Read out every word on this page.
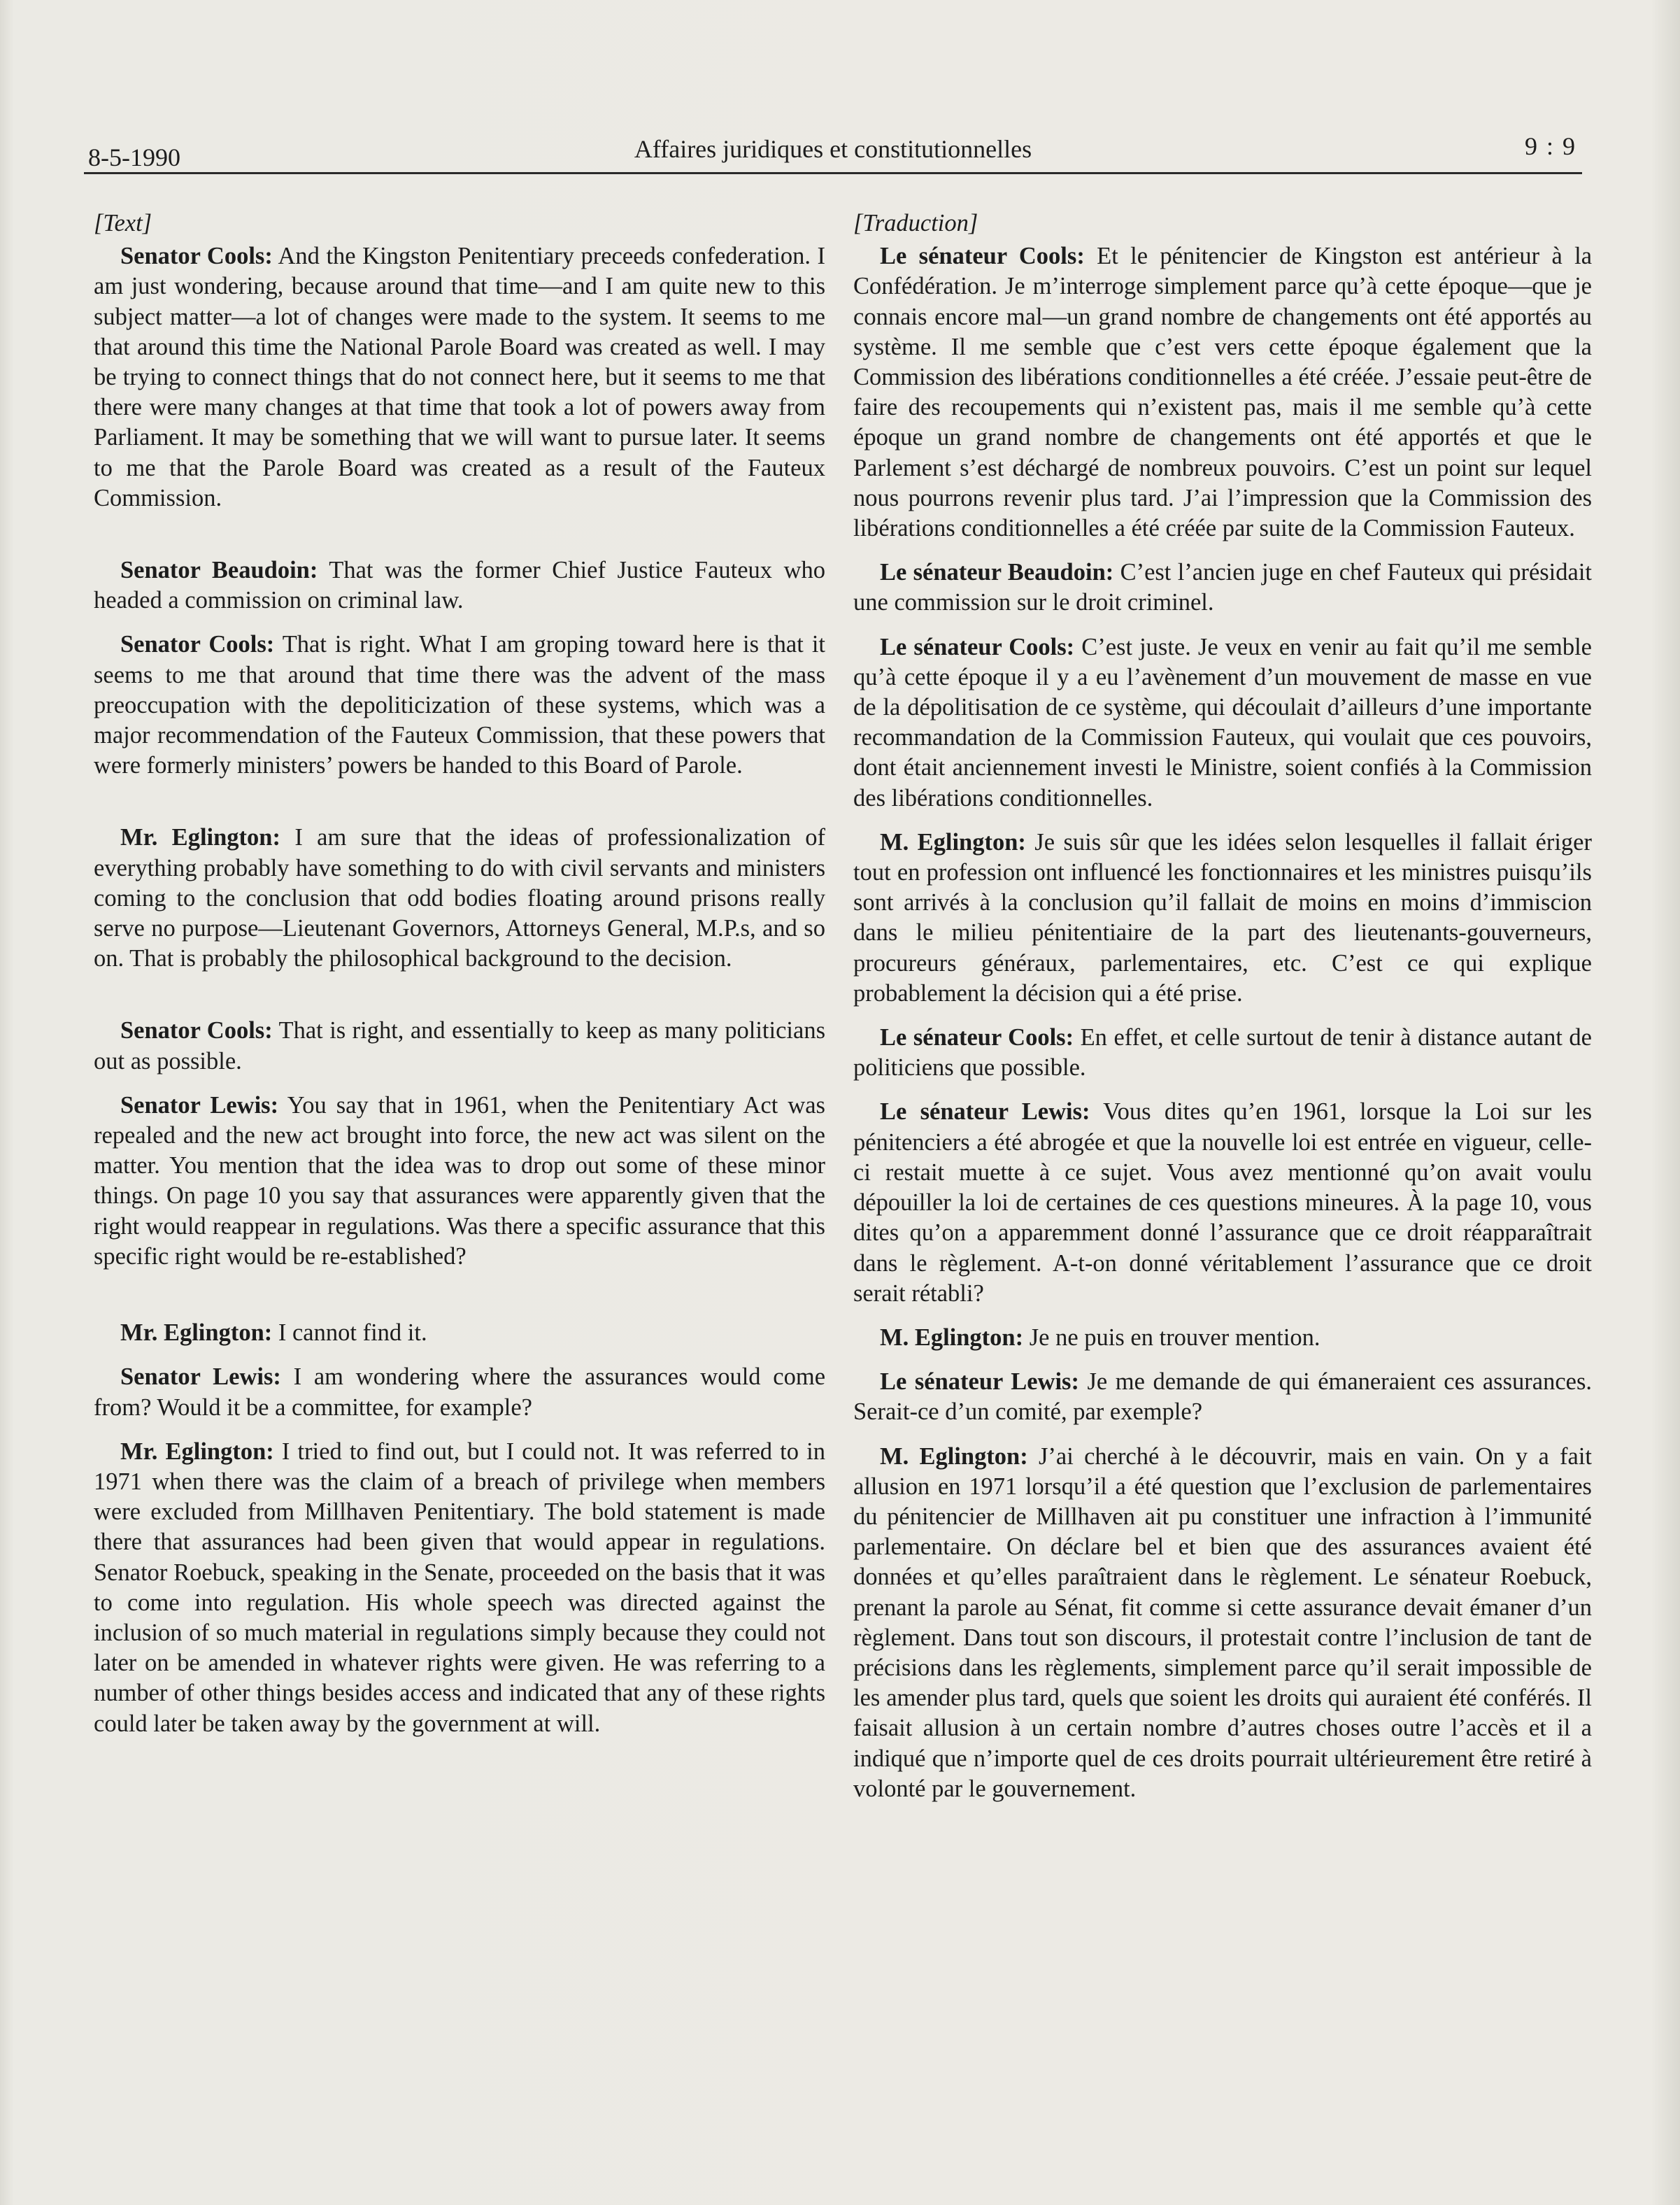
8-5-1990	Affaires juridiques et constitutionnelles	9 : 9
[Text]

Senator Cools: And the Kingston Penitentiary preceeds confederation. I am just wondering, because around that time—and I am quite new to this subject matter—a lot of changes were made to the system. It seems to me that around this time the National Parole Board was created as well. I may be trying to connect things that do not connect here, but it seems to me that there were many changes at that time that took a lot of powers away from Parliament. It may be something that we will want to pursue later. It seems to me that the Parole Board was created as a result of the Fauteux Commission.

Senator Beaudoin: That was the former Chief Justice Fauteux who headed a commission on criminal law.

Senator Cools: That is right. What I am groping toward here is that it seems to me that around that time there was the advent of the mass preoccupation with the depoliticization of these systems, which was a major recommendation of the Fauteux Commission, that these powers that were formerly ministers’ powers be handed to this Board of Parole.

Mr. Eglington: I am sure that the ideas of professionalization of everything probably have something to do with civil servants and ministers coming to the conclusion that odd bodies floating around prisons really serve no purpose—Lieutenant Governors, Attorneys General, M.P.s, and so on. That is probably the philosophical background to the decision.

Senator Cools: That is right, and essentially to keep as many politicians out as possible.

Senator Lewis: You say that in 1961, when the Penitentiary Act was repealed and the new act brought into force, the new act was silent on the matter. You mention that the idea was to drop out some of these minor things. On page 10 you say that assurances were apparently given that the right would reappear in regulations. Was there a specific assurance that this specific right would be re-established?

Mr. Eglington: I cannot find it.

Senator Lewis: I am wondering where the assurances would come from? Would it be a committee, for example?

Mr. Eglington: I tried to find out, but I could not. It was referred to in 1971 when there was the claim of a breach of privilege when members were excluded from Millhaven Penitentiary. The bold statement is made there that assurances had been given that would appear in regulations. Senator Roebuck, speaking in the Senate, proceeded on the basis that it was to come into regulation. His whole speech was directed against the inclusion of so much material in regulations simply because they could not later on be amended in whatever rights were given. He was referring to a number of other things besides access and indicated that any of these rights could later be taken away by the government at will.

[Traduction]

Le sénateur Cools: Et le pénitencier de Kingston est antérieur à la Confédération. Je m’interroge simplement parce qu’à cette époque—que je connais encore mal—un grand nombre de changements ont été apportés au système. Il me semble que c’est vers cette époque également que la Commission des libérations conditionnelles a été créée. J’essaie peut-être de faire des recoupements qui n’existent pas, mais il me semble qu’à cette époque un grand nombre de changements ont été apportés et que le Parlement s’est déchargé de nombreux pouvoirs. C’est un point sur lequel nous pourrons revenir plus tard. J’ai l’impression que la Commission des libérations conditionnelles a été créée par suite de la Commission Fauteux.

Le sénateur Beaudoin: C’est l’ancien juge en chef Fauteux qui présidait une commission sur le droit criminel.

Le sénateur Cools: C’est juste. Je veux en venir au fait qu’il me semble qu’à cette époque il y a eu l’avènement d’un mouvement de masse en vue de la dépolitisation de ce système, qui découlait d’ailleurs d’une importante recommandation de la Commission Fauteux, qui voulait que ces pouvoirs, dont était anciennement investi le Ministre, soient confiés à la Commission des libérations conditionnelles.

M. Eglington: Je suis sûr que les idées selon lesquelles il fallait ériger tout en profession ont influencé les fonctionnaires et les ministres puisqu’ils sont arrivés à la conclusion qu’il fallait de moins en moins d’immiscion dans le milieu pénitentiaire de la part des lieutenants-gouverneurs, procureurs généraux, parlementaires, etc. C’est ce qui explique probablement la décision qui a été prise.

Le sénateur Cools: En effet, et celle surtout de tenir à distance autant de politiciens que possible.

Le sénateur Lewis: Vous dites qu’en 1961, lorsque la Loi sur les pénitenciers a été abrogée et que la nouvelle loi est entrée en vigueur, celle-ci restait muette à ce sujet. Vous avez mentionné qu’on avait voulu dépouiller la loi de certaines de ces questions mineures. À la page 10, vous dites qu’on a apparemment donné l’assurance que ce droit réapparaîtrait dans le règlement. A-t-on donné véritablement l’assurance que ce droit serait rétabli?

M. Eglington: Je ne puis en trouver mention.

Le sénateur Lewis: Je me demande de qui émaneraient ces assurances. Serait-ce d’un comité, par exemple?

M. Eglington: J’ai cherché à le découvrir, mais en vain. On y a fait allusion en 1971 lorsqu’il a été question que l’exclusion de parlementaires du pénitencier de Millhaven ait pu constituer une infraction à l’immunité parlementaire. On déclare bel et bien que des assurances avaient été données et qu’elles paraîtraient dans le règlement. Le sénateur Roebuck, prenant la parole au Sénat, fit comme si cette assurance devait émaner d’un règlement. Dans tout son discours, il protestait contre l’inclusion de tant de précisions dans les règlements, simplement parce qu’il serait impossible de les amender plus tard, quels que soient les droits qui auraient été conférés. Il faisait allusion à un certain nombre d’autres choses outre l’accès et il a indiqué que n’importe quel de ces droits pourrait ultérieurement être retiré à volonté par le gouvernement.
